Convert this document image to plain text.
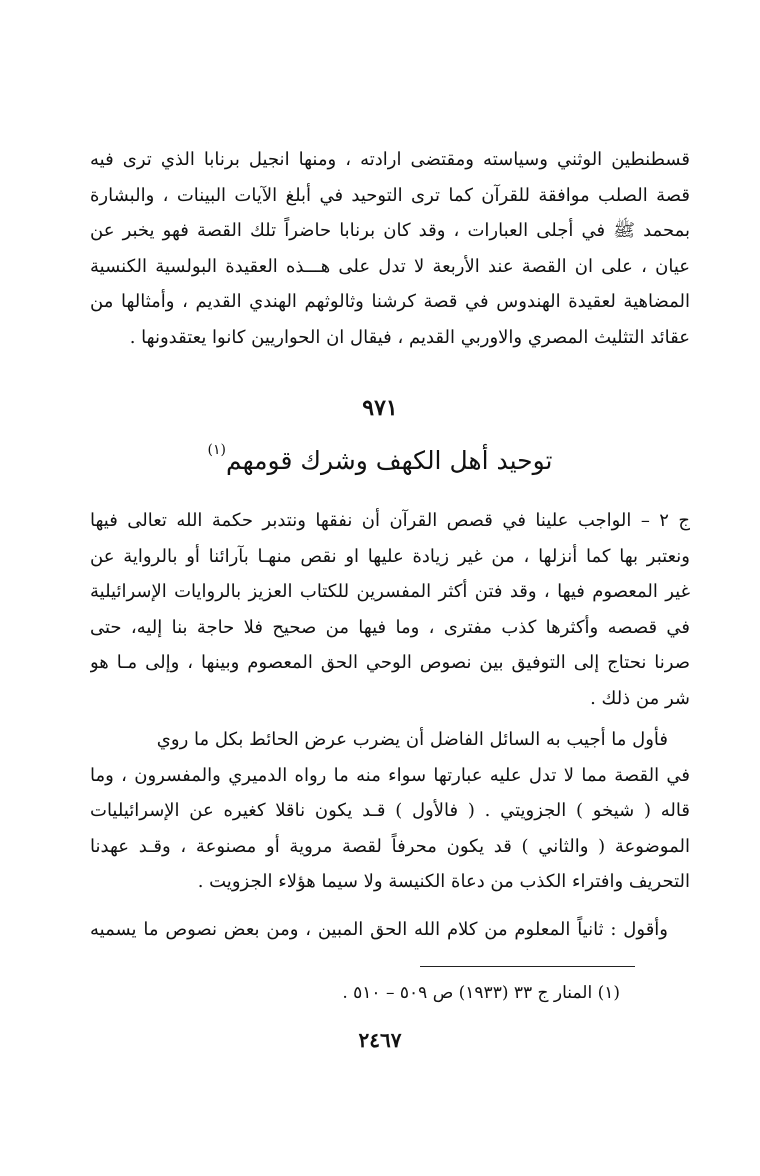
قسطنطين الوثني وسياسته ومقتضى ارادته ، ومنها انجيل برنابا الذي ترى فيه
قصة الصلب موافقة للقرآن كما ترى التوحيد في أبلغ الآيات البينات ، والبشارة
بمحمد ﷺ في أجلى العبارات ، وقد كان برنابا حاضراً تلك القصة فهو يخبر عن
عيان ، على ان القصة عند الأربعة لا تدل على هـــذه العقيدة البولسية الكنسية
المضاهية لعقيدة الهندوس في قصة كرشنا وثالوثهم الهندي القديم ، وأمثالها من
عقائد التثليث المصري والاوربي القديم ، فيقال ان الحواريين كانوا يعتقدونها .
٩٧١
توحيد أهل الكهف وشرك قومهم$^{(١)}$
ج ٢ – الواجب علينا في قصص القرآن أن نفقها ونتدبر حكمة الله تعالى فيها
ونعتبر بها كما أنزلها ، من غير زيادة عليها او نقص منهـا بآرائنا أو بالرواية عن
غير المعصوم فيها ، وقد فتن أكثر المفسرين للكتاب العزيز بالروايات الإسرائيلية
في قصصه وأكثرها كذب مفترى ، وما فيها من صحيح فلا حاجة بنا إليه، حتى
صرنا نحتاج إلى التوفيق بين نصوص الوحي الحق المعصوم وبينها ، وإلى مـا هو
شر من ذلك .
فأول ما أجيب به السائل الفاضل أن يضرب عرض الحائط بكل ما روي
في القصة مما لا تدل عليه عبارتها سواء منه ما رواه الدميري والمفسرون ، وما
قاله ( شيخو ) الجزويتي . ( فالأول ) قـد يكون ناقلا كغيره عن الإسرائيليات
الموضوعة ( والثاني ) قد يكون محرفاً لقصة مروية أو مصنوعة ، وقـد عهدنا
التحريف وافتراء الكذب من دعاة الكنيسة ولا سيما هؤلاء الجزويت .
وأقول : ثانياً المعلوم من كلام الله الحق المبين ، ومن بعض نصوص ما يسميه
(١) المنار ج ٣٣ (١٩٣٣) ص ٥٠٩ – ٥١٠ .
٢٤٦٧
